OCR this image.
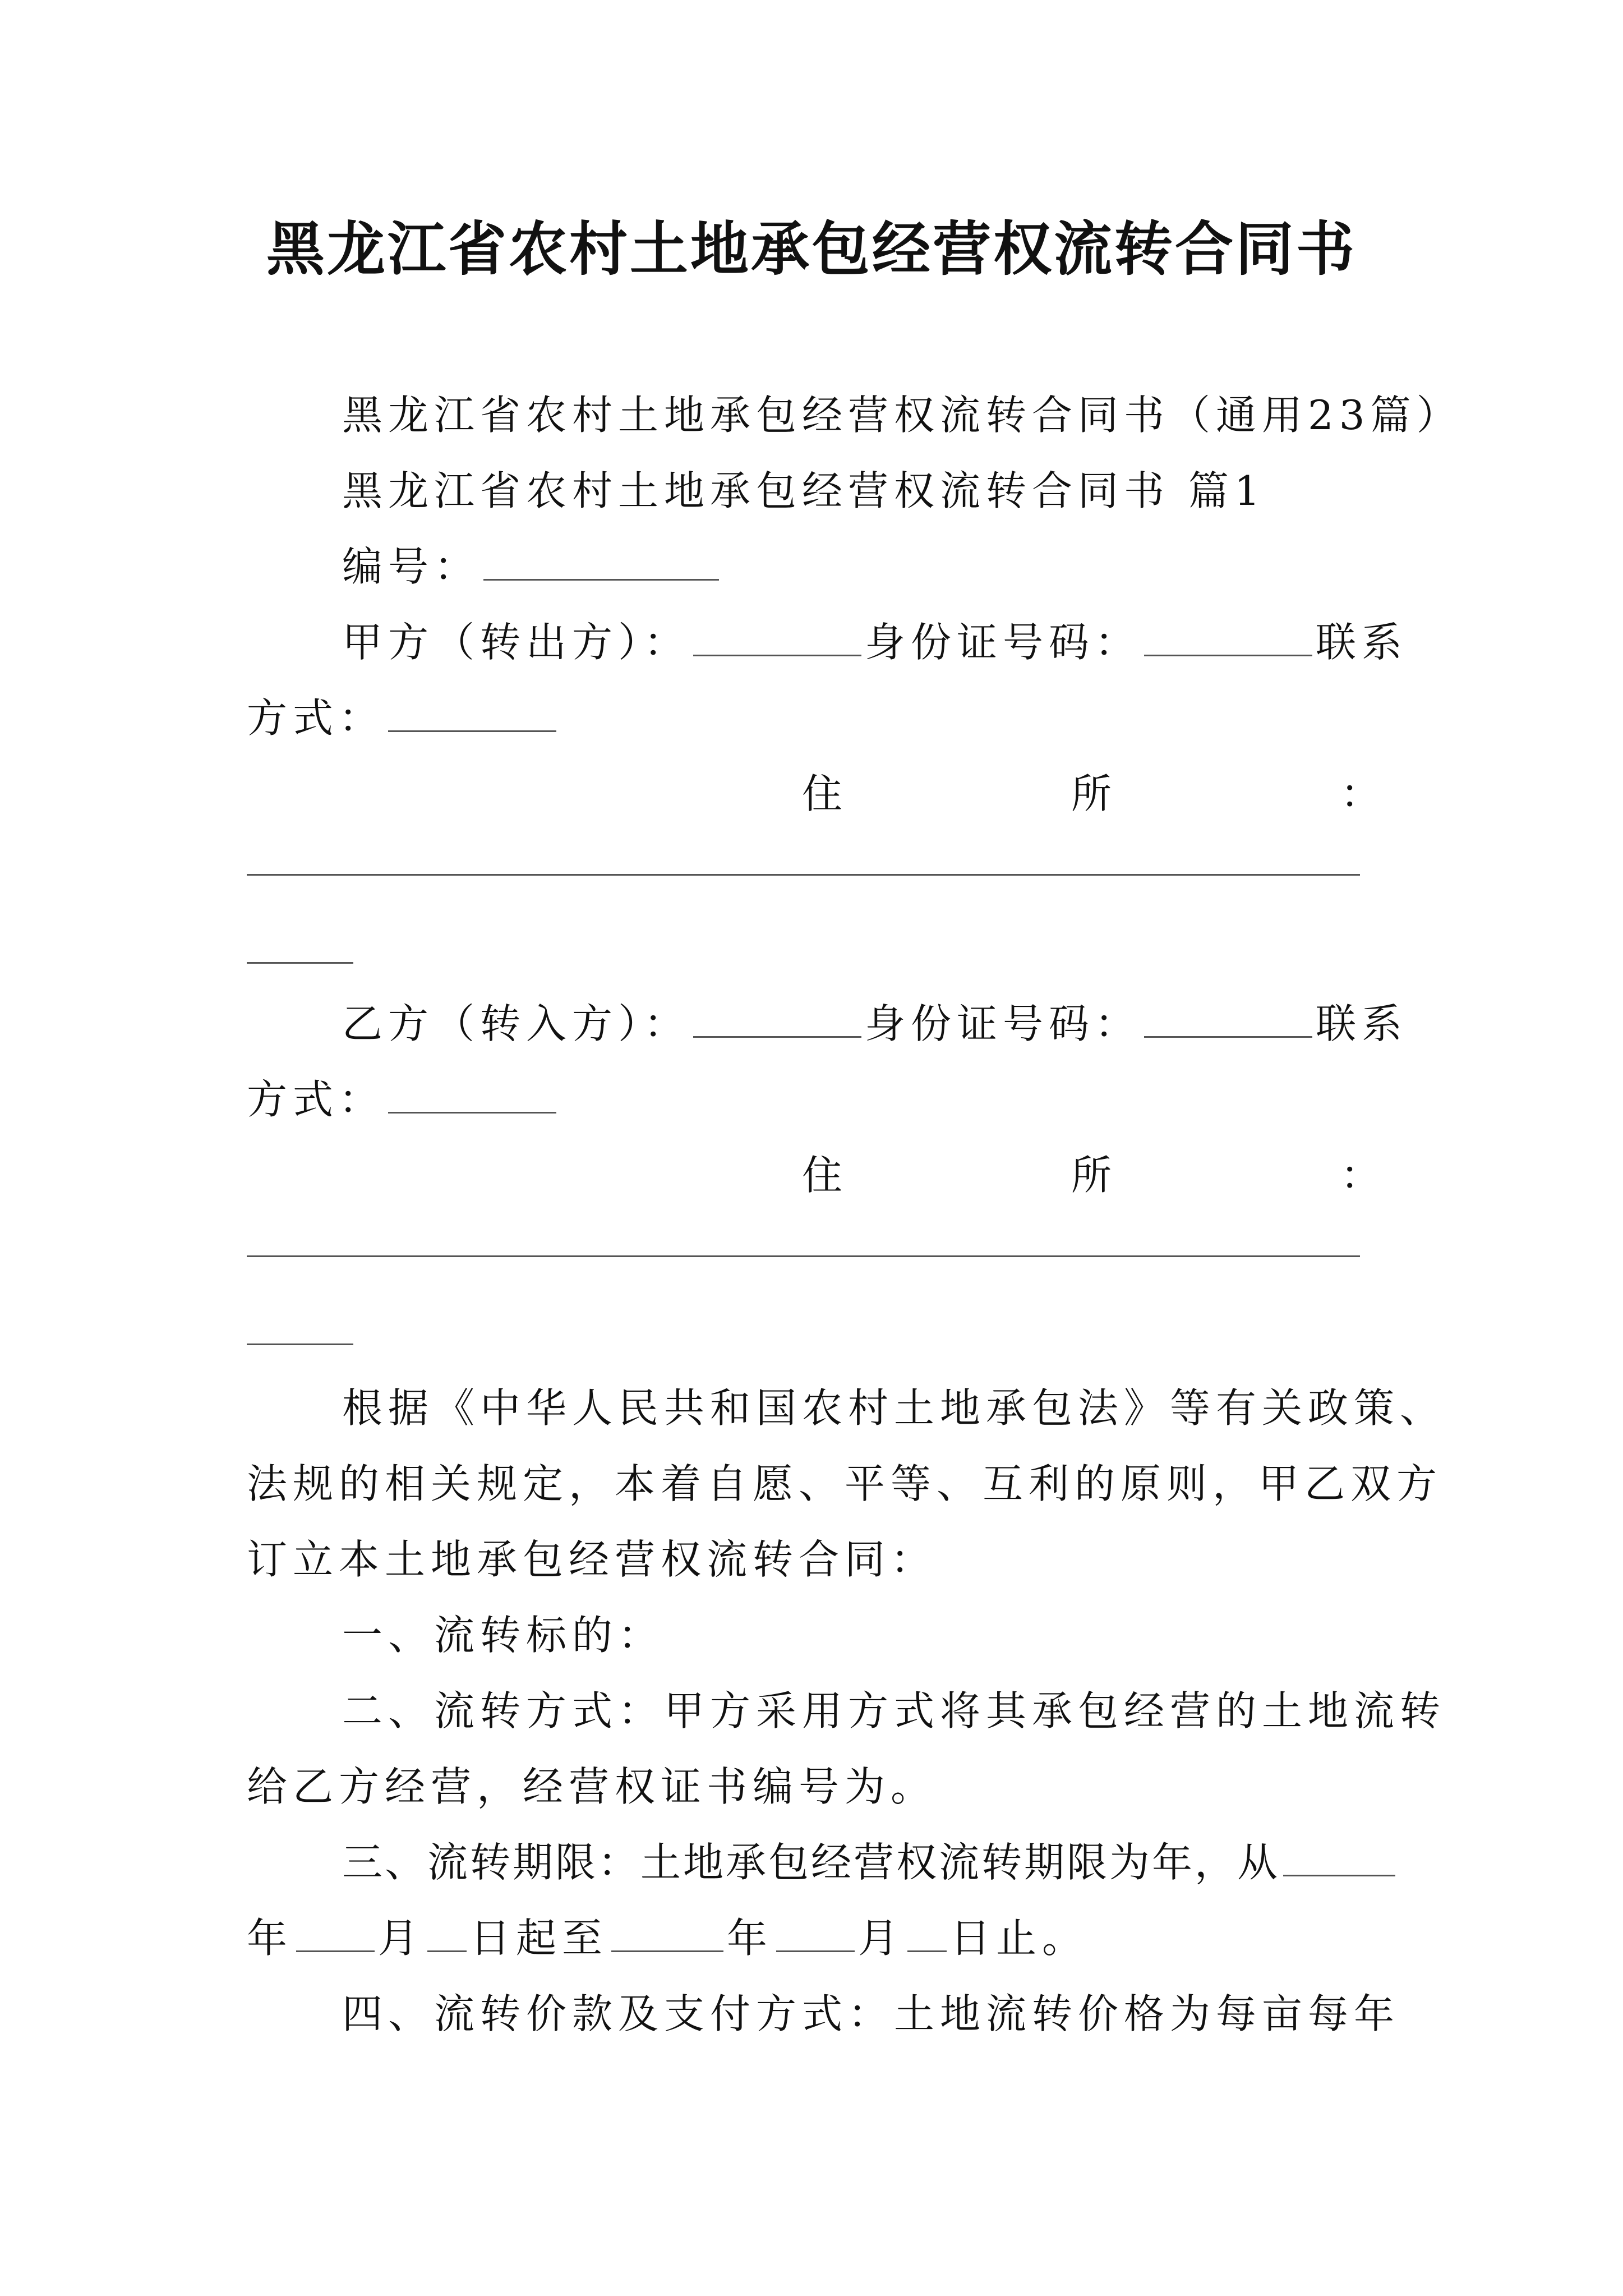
黑龙江省农村土地承包经营权流转合同书
黑龙江省农村土地承包经营权流转合同书（通用23篇）
黑龙江省农村土地承包经营权流转合同书 篇1
编号：
甲方（转出方）：	身份证号码：	联系
方式：
住	所	：
乙方（转入方）：	身份证号码：	联系
方式：
住	所	：
根据《中华人民共和国农村土地承包法》等有关政策、
法规的相关规定，本着自愿、平等、互利的原则，甲乙双方
订立本土地承包经营权流转合同：
一、流转标的：
二、流转方式：甲方采用方式将其承包经营的土地流转
给乙方经营，经营权证书编号为。
三、流转期限：土地承包经营权流转期限为年，从
年 月 日起至	年 月 日止。
四、流转价款及支付方式：土地流转价格为每亩每年
